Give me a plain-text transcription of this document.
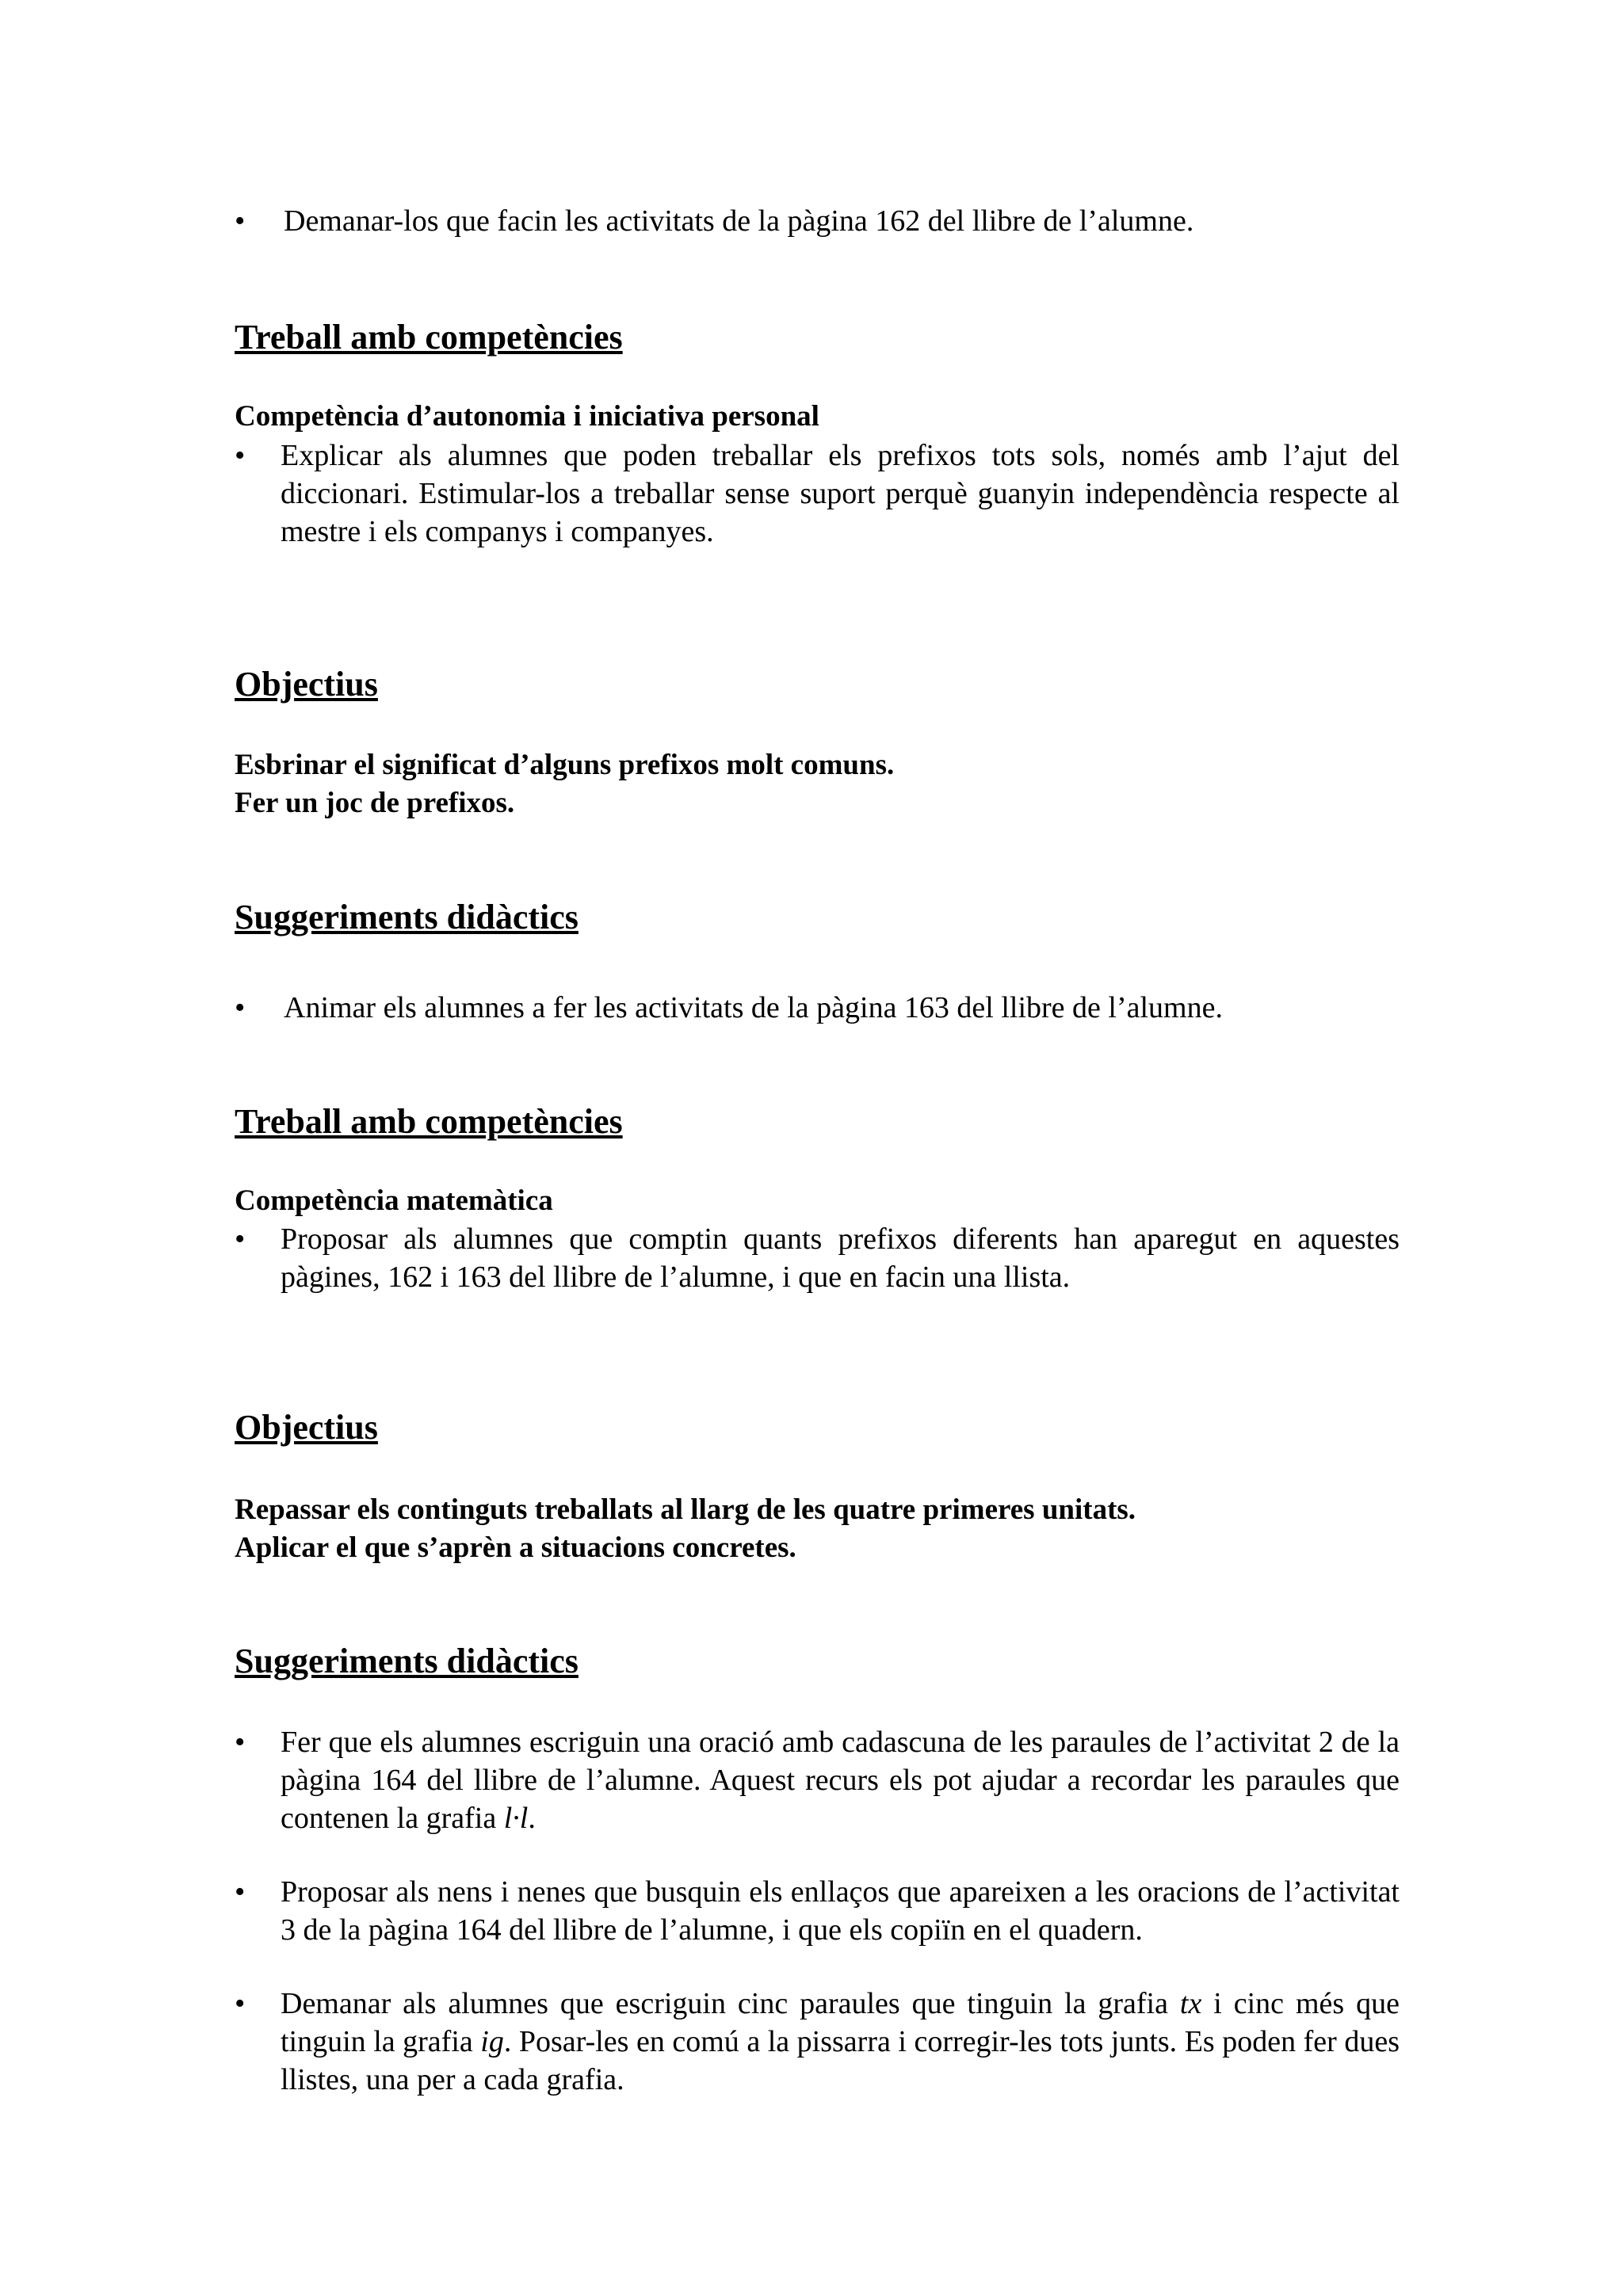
•	Demanar-los que facin les activitats de la pàgina 162 del llibre de l’alumne.
Treball amb competències
Competència d’autonomia i iniciativa personal
•	Explicar als alumnes que poden treballar els prefixos tots sols, només amb l’ajut del diccionari. Estimular-los a treballar sense suport perquè guanyin independència respecte al mestre i els companys i companyes.
Objectius
Esbrinar el significat d’alguns prefixos molt comuns.
Fer un joc de prefixos.
Suggeriments didàctics
•	Animar els alumnes a fer les activitats de la pàgina 163 del llibre de l’alumne.
Treball amb competències
Competència matemàtica
•	Proposar als alumnes que comptin quants prefixos diferents han aparegut en aquestes pàgines, 162 i 163 del llibre de l’alumne, i que en facin una llista.
Objectius
Repassar els continguts treballats al llarg de les quatre primeres unitats.
Aplicar el que s’aprèn a situacions concretes.
Suggeriments didàctics
•	Fer que els alumnes escriguin una oració amb cadascuna de les paraules de l’activitat 2 de la pàgina 164 del llibre de l’alumne. Aquest recurs els pot ajudar a recordar les paraules que contenen la grafia l·l.
•	Proposar als nens i nenes que busquin els enllaços que apareixen a les oracions de l’activitat 3 de la pàgina 164 del llibre de l’alumne, i que els copiïn en el quadern.
•	Demanar als alumnes que escriguin cinc paraules que tinguin la grafia tx i cinc més que tinguin la grafia ig. Posar-les en comú a la pissarra i corregir-les tots junts. Es poden fer dues llistes, una per a cada grafia.
